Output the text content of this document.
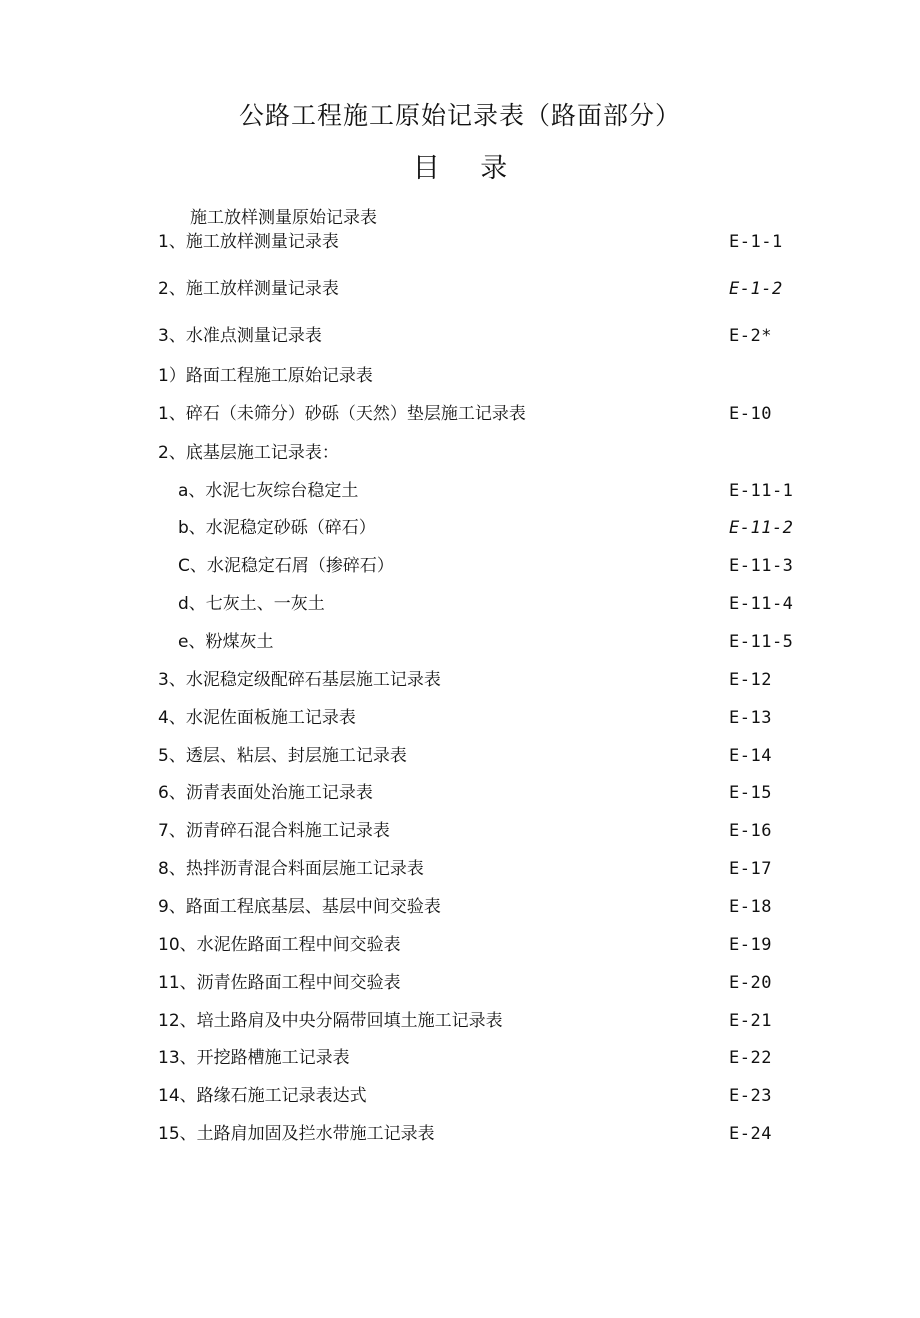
公路工程施工原始记录表（路面部分）
目 录
施工放样测量原始记录表
1、施工放样测量记录表	E-1-1
2、施工放样测量记录表	E-1-2
3、水准点测量记录表	E-2*
1）路面工程施工原始记录表
1、碎石（未筛分）砂砾（天然）垫层施工记录表	E-10
2、底基层施工记录表：
a、水泥七灰综台稳定土	E-11-1
b、水泥稳定砂砾（碎石）	E-11-2
C、水泥稳定石屑（掺碎石）	E-11-3
d、七灰土、一灰土	E-11-4
e、粉煤灰土	E-11-5
3、水泥稳定级配碎石基层施工记录表	E-12
4、水泥佐面板施工记录表	E-13
5、透层、粘层、封层施工记录表	E-14
6、沥青表面处治施工记录表	E-15
7、沥青碎石混合料施工记录表	E-16
8、热拌沥青混合料面层施工记录表	E-17
9、路面工程底基层、基层中间交验表	E-18
10、水泥佐路面工程中间交验表	E-19
11、沥青佐路面工程中间交验表	E-20
12、培土路肩及中央分隔带回填土施工记录表	E-21
13、开挖路槽施工记录表	E-22
14、路缘石施工记录表达式	E-23
15、土路肩加固及拦水带施工记录表	E-24
